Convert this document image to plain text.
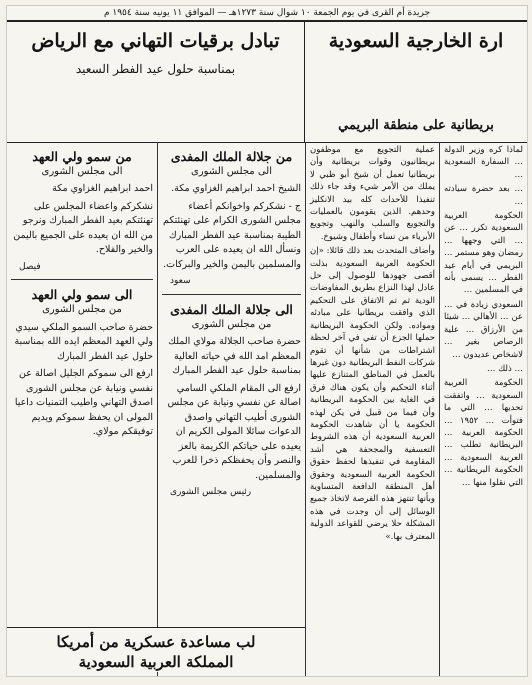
جريدة أم القرى في يوم الجمعة ١٠ شوال سنة ١٢٧٣هـ — الموافق ١١ يونيه سنة ١٩٥٤ م
ارة الخارجية السعودية
بريطانية على منطقة البريمي
تبادل برقيات التهاني مع الرياض
بمناسبة حلول عيد الفطر السعيد

لماذا كره وزير الدولة … السفارة السعودية …

… بعد حضرة سيادته …

الحكومة العربية السعودية تكرر … عن … التي وجهها … رمضان وهو مستمر … البريمي في أيام عيد الفطر … يسمى بأنه في المسلمين …

السعودي زيادة في … عن … الأهالي … شيئا من الأرزاق … علية الرصاص بغير … لاشخاص عديدون …

… ذلك …

الحكومة العربية السعودية … واتفقت تحديها … التي ما فتوأت … ١٩٥٢ … الحكومة العربية … البريطانية تطلب … العربية السعودية … الحكومة البريطانية … التي نقلوا منها …

عملية التجويع مع موظفون بريطانيون وقوات بريطانية وأن بريطانيا تعمل أن شيخ أبو ظبي لا يملك من الأمر شيء وقد جاء ذلك تنفيذا للأحداث كله بيد الانكليز وحدهم. الذين يقومون بالعمليات والتجويع والسلب والنهب وتجويع الأبرياء من نساء وأطفال وشيوخ.

وأضاف المتحدث بعد ذلك قائلا: «إن الحكومة العربية السعودية بذلت أقصى جهودها للوصول إلى حل عادل لهذا النزاع بطريق المفاوضات الودية ثم تم الاتفاق على التحكيم الذي وافقت بريطانيا على مبادئه ومواده. ولكن الحكومة البريطانية حملها الجزع أن تفي في آخر لحظة اشتراطات من شأنها أن تقوم شركات النفط البريطانية دون غيرها بالعمل في المناطق المتنازع عليها أثناء التحكيم وأن يكون هناك فرق في الغاية بين الحكومة البريطانية وأن فيما من قبيل في يكن لهذه الحكومة يا أن شاهدت الحكومة العربية السعودية أن هذه الشروط التعسفية والمجحفة هي أشد المقاومة في تنفيذها لحفظ حقوق الحكومة العربية السعودية وحقوق أهل المنطقة الدافعة المتساوية وبأنها تنتهز هذه الفرصة لاتخاذ جميع الوسائل إلى أن وجدت في هذه المشكلة حلا يرضي للقواعد الدولية المعترف بها.»

من جلالة الملك المفدى
الى مجلس الشورى

الشيخ احمد ابراهيم الغزاوي مكة.

ج - نشكركم واخوانكم أعضاء مجلس الشورى الكرام على تهنئتكم الطيبة بمناسبة عيد الفطر المبارك ونسأل الله ان يعيده على العرب والمسلمين باليمن والخير والبركات.

سعود
الى جلالة الملك المفدى
من مجلس الشورى

حضرة صاحب الجلالة مولاي الملك المعظم امد الله في حياته العالية بمناسبة حلول عيد الفطر المبارك

ارفع الى المقام الملكي السامي اصالة عن نفسي ونيابة عن مجلس الشورى أطيب التهاني واصدق الدعوات سائلا المولى الكريم ان يعيده على حياتكم الكريمة بالعز والنصر وأن يحفظكم ذخرا للعرب والمسلمين.

رئيس مجلس الشورى
من سمو ولي العهد
الى مجلس الشورى

احمد ابراهيم الغزاوي مكة

نشكركم واعضاء المجلس على تهنئتكم بعيد الفطر المبارك ونرجو من الله ان يعيده على الجميع باليمن والخير والفلاح.

فيصل
الى سمو ولي العهد
من مجلس الشورى

حضرة صاحب السمو الملكي سيدي ولي العهد المعظم ايده الله بمناسبة حلول عيد الفطر المبارك

ارفع الى سموكم الجليل اصالة عن نفسي ونيابة عن مجلس الشورى اصدق التهاني واطيب التمنيات داعيا المولى ان يحفظ سموكم ويديم توفيقكم مولاي.

لب مساعدة عسكرية من أمريكا
المملكة العربية السعودية
